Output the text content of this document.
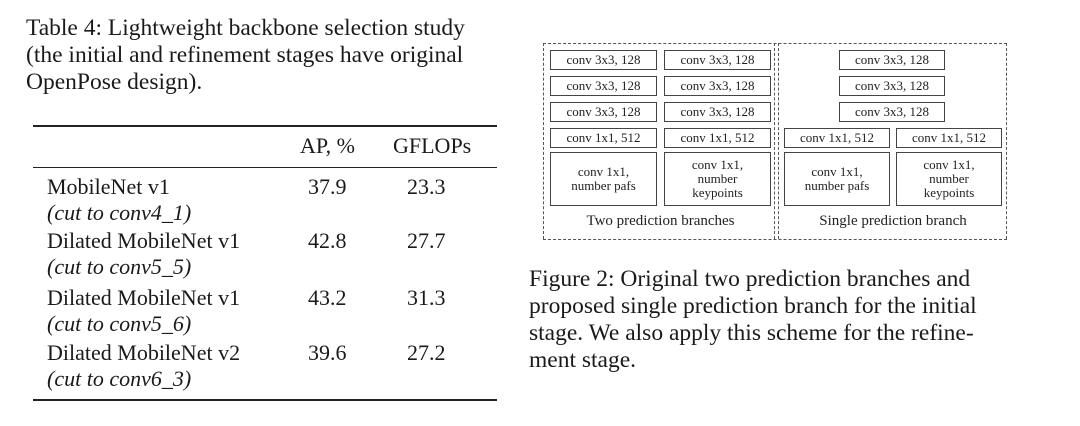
Table 4: Lightweight backbone selection study
(the initial and refinement stages have original
OpenPose design).
AP, % GFLOPs
MobileNet v1
(cut to conv4_1)
37.9	23.3
Dilated MobileNet v1
(cut to conv5_5)
42.8	27.7
Dilated MobileNet v1
(cut to conv5_6)
43.2	31.3
Dilated MobileNet v2
(cut to conv6_3)
39.6	27.2
conv 3x3, 128
conv 3x3, 128
conv 3x3, 128
conv 1x1, 512
conv 1x1,
number pafs
conv 3x3, 128
conv 3x3, 128
conv 3x3, 128
conv 1x1, 512
conv 1x1,
number
keypoints
Two prediction branches
conv 3x3, 128
conv 3x3, 128
conv 3x3, 128
conv 1x1, 512
conv 1x1,
number pafs
conv 1x1, 512
conv 1x1,
number
keypoints
Single prediction branch
Figure 2: Original two prediction branches and
proposed single prediction branch for the initial
stage. We also apply this scheme for the refine-
ment stage.
